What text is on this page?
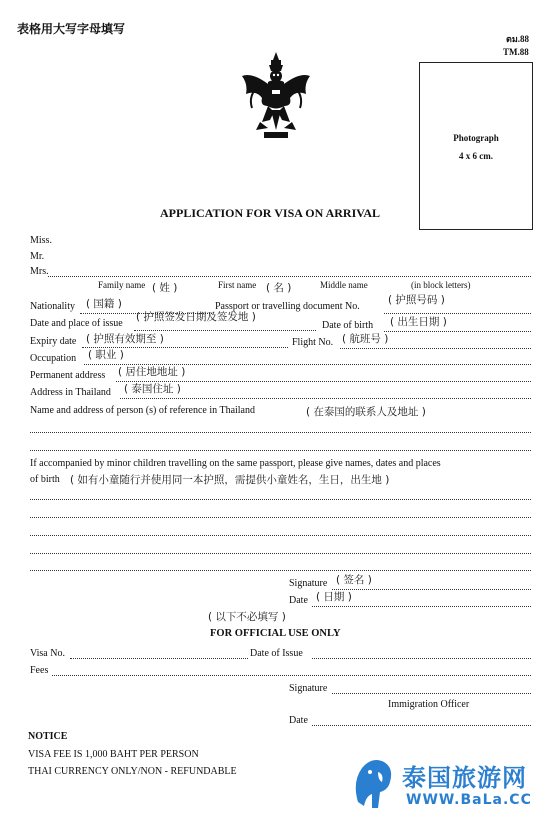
表格用大写字母填写
ตม.88
TM.88
Photograph
4 x 6 cm.
APPLICATION FOR VISA ON ARRIVAL
Miss.
Mr.
Mrs.
Family name ( 姓 )	First name ( 名 )	Middle name	(in block letters)
Nationality ( 国籍 )	Passport or travelling document No.
( 护照号码 )
Date and place of issue
( 护照签发日期及签发地 )
Date of birth ( 出生日期 )
Expiry date ( 护照有效期至 )	Flight No. ( 航班号 )
Occupation ( 职业 )
Permanent address ( 居住地地址 )
Address in Thailand ( 泰国住址 )
Name and address of person (s) of reference in Thailand	( 在泰国的联系人及地址 )
If accompanied by minor children travelling on the same passport, please give names, dates and places
of birth ( 如有小童随行并使用同一本护照，需提供小童姓名，生日，出生地 )
Signature ( 签名 )
Date ( 日期 )
( 以下不必填写 )
FOR OFFICIAL USE ONLY
Visa No.	Date of Issue
Fees
Signature
Immigration Officer
Date
NOTICE
VISA FEE IS 1,000 BAHT PER PERSON
THAI CURRENCY ONLY/NON - REFUNDABLE	泰国旅游网
WWW.BaLa.CC
